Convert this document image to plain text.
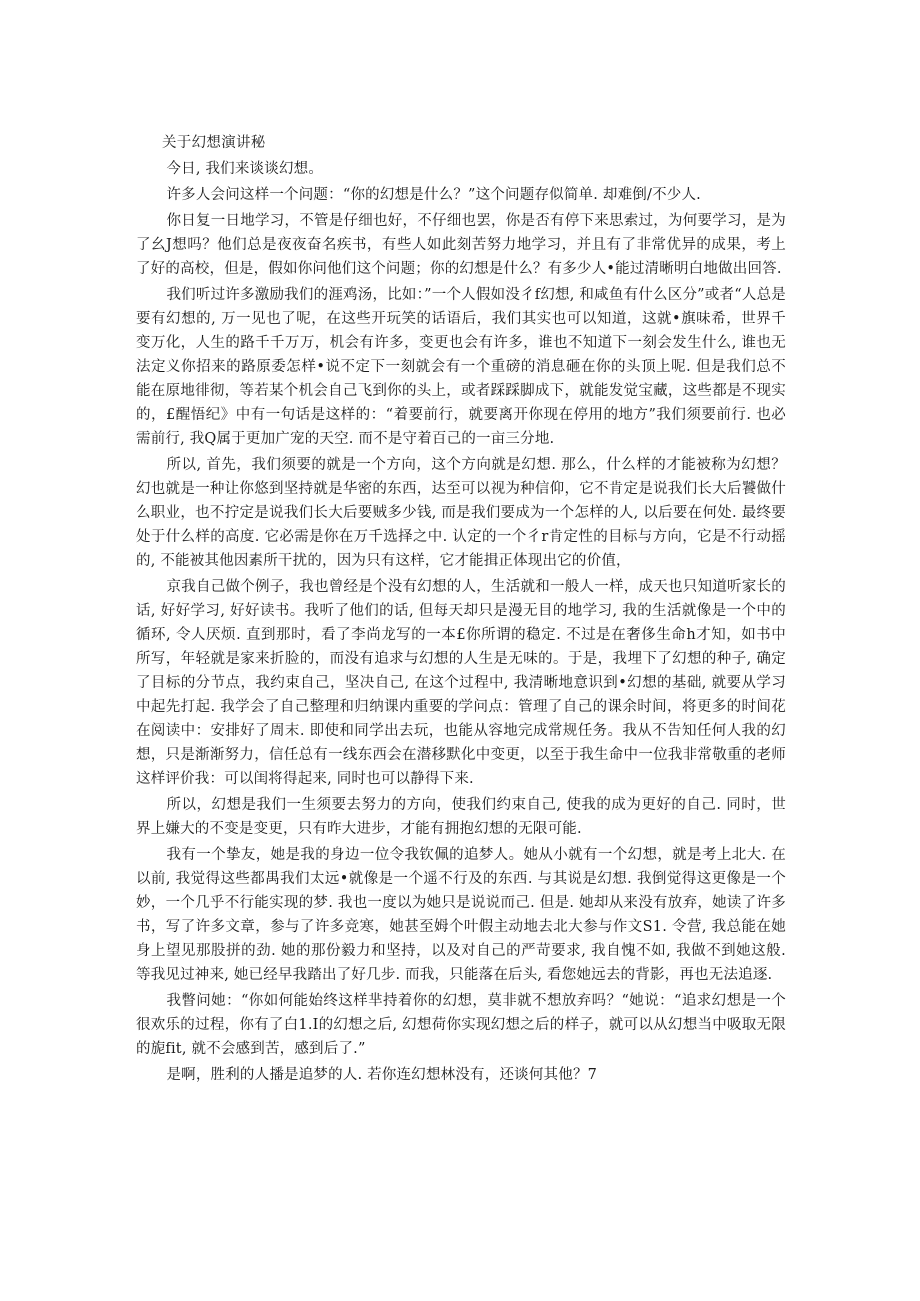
关于幻想演讲秘

今日, 我们来谈谈幻想。

许多人会问这样一个问题：“你的幻想是什么？”这个问题存似简单. 却难倒/不少人.

你日复一日地学习，不管是仔细也好，不仔细也罢，你是否有停下来思索过，为何要学习，是为了幺J想吗？他们总是夜夜奋名疾书，有些人如此刻苦努力地学习，并且有了非常优异的成果，考上了好的高校，但是，假如你问他们这个问题；你的幻想是什么？有多少人•能过清晰明白地做出回答.

我们听过许多激励我们的涯鸡汤，比如：”一个人假如没彳f幻想, 和咸鱼有什么区分”或者“人总是要有幻想的, 万一见也了呢，在这些开玩笑的话语后，我们其实也可以知道，这就•旗味希，世界千变万化，人生的路千千万万，机会有许多，变更也会有许多，谁也不知道下一刻会发生什么, 谁也无法定义你招来的路原委怎样•说不定下一刻就会有一个重磅的消息砸在你的头顶上呢. 但是我们总不能在原地徘彻，等若某个机会自己飞到你的头上，或者踩踩脚成下，就能发觉宝藏，这些都是不现实的，£醒悟纪》中有一句话是这样的：“着要前行，就要离开你现在停用的地方”我们须要前行. 也必需前行, 我Q属于更加广宠的天空. 而不是守着百己的一亩三分地.

所以, 首先，我们须要的就是一个方向，这个方向就是幻想. 那么，什么样的才能被称为幻想？幻也就是一种让你悠到坚持就是华密的东西，达至可以视为种信仰，它不肯定是说我们长大后饕做什么职业，也不拧定是说我们长大后要贼多少钱, 而是我们要成为一个怎样的人, 以后要在何处. 最终要处于什么样的高度. 它必需是你在万千选择之中. 认定的一个彳r肯定性的目标与方向，它是不行动摇的, 不能被其他因素所干扰的，因为只有这样，它才能揖正体现出它的价值，

京我自己做个例子，我也曾经是个没有幻想的人，生活就和一般人一样，成天也只知道听家长的话, 好好学习, 好好读书。我听了他们的话, 但每天却只是漫无目的地学习, 我的生活就像是一个中的循环, 令人厌烦. 直到那时，看了李尚龙写的一本£你所谓的稳定. 不过是在奢侈生命h才知，如书中所写，年轻就是家来折脸的，而没有追求与幻想的人生是无味的。于是，我埋下了幻想的种子, 确定了目标的分节点，我约束自己，坚决自己, 在这个过程中, 我清晰地意识到•幻想的基础, 就要从学习中起先打起. 我学会了自己整理和归纳课内重要的学问点：管理了自己的课余时间，将更多的时间花在阅读中：安排好了周末. 即使和同学出去玩，也能从容地完成常规任务。我从不告知任何人我的幻想，只是渐渐努力，信任总有一线东西会在潜移默化中变更，以至于我生命中一位我非常敬重的老师这样评价我：可以闺将得起来, 同时也可以静得下来.

所以，幻想是我们一生须要去努力的方向，使我们约束自己, 使我的成为更好的自己. 同时，世界上嫌大的不变是变更，只有昨大进步，才能有拥抱幻想的无限可能.

我有一个挚友，她是我的身边一位令我钦佩的追梦人。她从小就有一个幻想，就是考上北大. 在以前, 我觉得这些都禺我们太远•就像是一个遥不行及的东西. 与其说是幻想. 我倒觉得这更像是一个妙，一个几乎不行能实现的梦. 我也一度以为她只是说说而己. 但是. 她却从来没有放弃，她读了许多书，写了许多文章，参与了许多竞寒，她甚至姆个叶假主动地去北大参与作文S1. 令营, 我总能在她身上望见那股拼的劲. 她的那份毅力和坚持，以及对自己的严苛要求, 我自愧不如, 我做不到她这般. 等我见过神来, 她已经早我踏出了好几步. 而我，只能落在后头, 看您她远去的背影，再也无法追逐.

我瞥问她：“你如何能始终这样芈持着你的幻想，莫非就不想放弃吗？“她说：“追求幻想是一个很欢乐的过程，你有了白1.I的幻想之后, 幻想荷你实现幻想之后的样子，就可以从幻想当中吸取无限的旎fit, 就不会感到苦，感到后了.”

是啊，胜利的人播是追梦的人. 若你连幻想林没有，还谈何其他？7
